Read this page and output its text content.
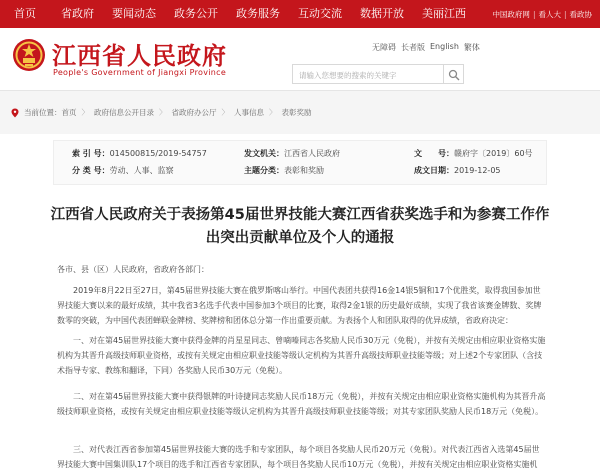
首页	省政府	要闻动态	政务公开	政务服务	互动交流	数据开放	美丽江西	中国政府网 | 看人大 | 看政协
江西省人民政府
People's Government of Jiangxi Province
无障碍 长者版 English 繁体
请输入您想要的搜索的关键字
当前位置 ： 首页 〉 政府信息公开目录 〉 省政府办公厅 〉 人事信息 〉 表彰奖励
索 引 号：014500815/2019-54757	发文机关：江西省人民政府	文　　号：赣府字〔2019〕60号
分 类 号：劳动、人事、监察	主题分类：表彰和奖励	成文日期：2019-12-05
江西省人民政府关于表扬第45届世界技能大赛江西省获奖选手和为参赛工作作出突出贡献单位及个人的通报
各市、县（区）人民政府，省政府各部门：
2019年8月22日至27日，第45届世界技能大赛在俄罗斯喀山举行。中国代表团共获得16金14银5铜和17个优胜奖，取得我国参加世界技能大赛以来的最好成绩，其中我省3名选手代表中国参加3个项目的比赛，取得2金1银的历史最好成绩，实现了我省该赛金牌数、奖牌数零的突破，为中国代表团蝉联金牌榜、奖牌榜和团体总分第一作出重要贡献。为表扬个人和团队取得的优异成绩，省政府决定：
一、对在第45届世界技能大赛中获得金牌的肖星星同志、曾嘀嗪同志各奖励人民币30万元（免税），并按有关规定由相应职业资格实施机构为其晋升高级技师职业资格，或按有关规定由相应职业技能等级认定机构为其晋升高级技师职业技能等级；对上述2个专家团队（含技术指导专家、教练和翻译，下同）各奖励人民币30万元（免税）。
二、对在第45届世界技能大赛中获得银牌的叶诗捷同志奖励人民币18万元（免税），并按有关规定由相应职业资格实施机构为其晋升高级技师职业资格，或按有关规定由相应职业技能等级认定机构为其晋升高级技师职业技能等级；对其专家团队奖励人民币18万元（免税）。
三、对代表江西省参加第45届世界技能大赛的选手和专家团队，每个项目各奖励人民币20万元（免税）。对代表江西省入选第45届世界技能大赛中国集训队17个项目的选手和江西省专家团队，每个项目各奖励人民币10万元（免税），并按有关规定由相应职业资格实施机
